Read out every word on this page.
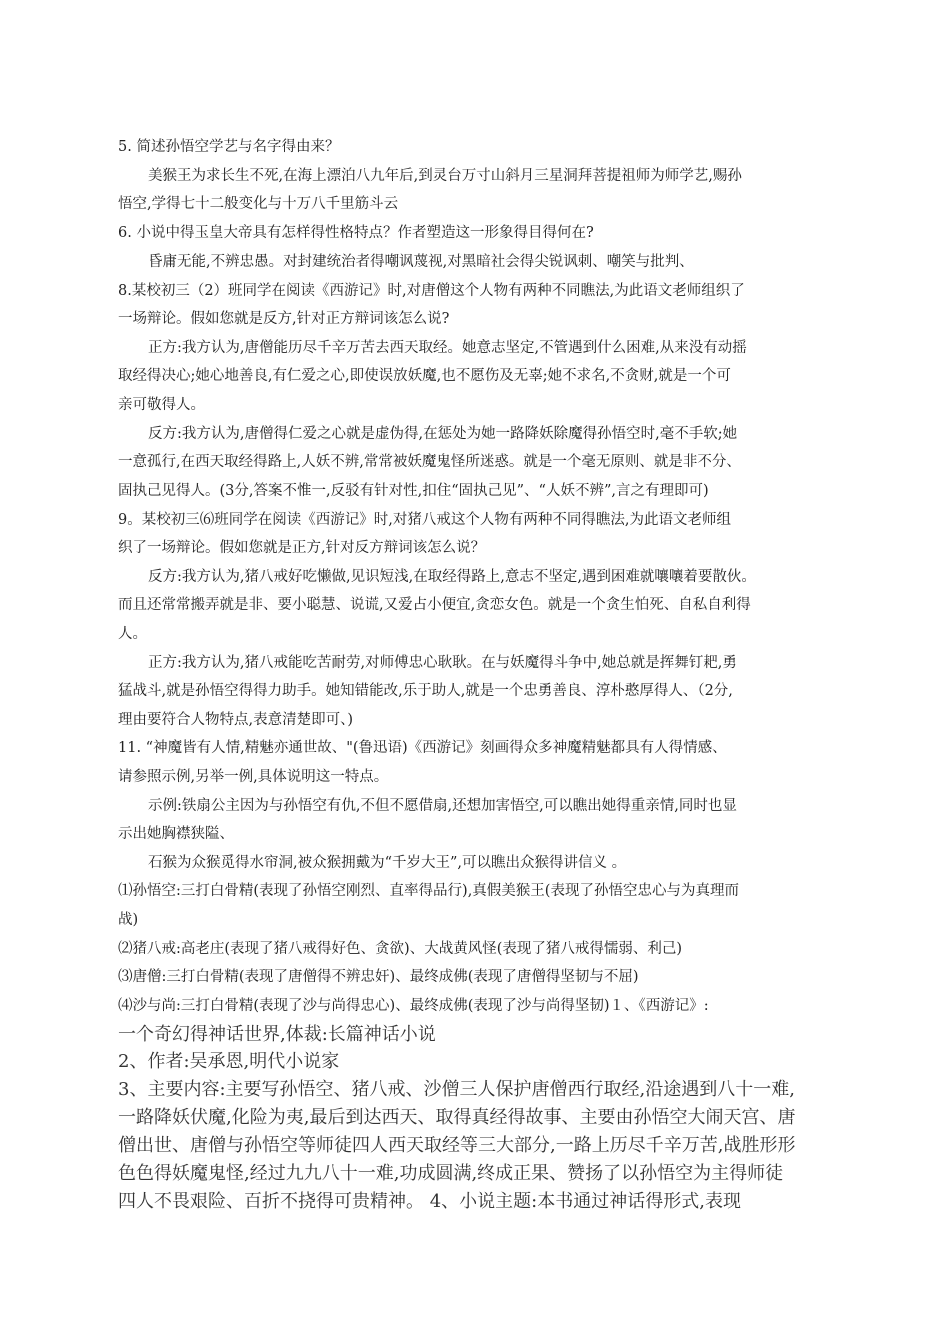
5. 简述孙悟空学艺与名字得由来？
美猴王为求长生不死,在海上漂泊八九年后,到灵台万寸山斜月三星洞拜菩提祖师为师学艺,赐孙
悟空,学得七十二般变化与十万八千里筋斗云
6. 小说中得玉皇大帝具有怎样得性格特点？作者塑造这一形象得目得何在?
昏庸无能,不辨忠愚。对封建统治者得嘲讽蔑视,对黑暗社会得尖锐讽刺、嘲笑与批判、
8.某校初三（2）班同学在阅读《西游记》时,对唐僧这个人物有两种不同瞧法,为此语文老师组织了
一场辩论。假如您就是反方,针对正方辩词该怎么说?
正方:我方认为,唐僧能历尽千辛万苦去西天取经。她意志坚定,不管遇到什么困难,从来没有动摇
取经得决心;她心地善良,有仁爱之心,即使误放妖魔,也不愿伤及无辜;她不求名,不贪财,就是一个可
亲可敬得人。
反方:我方认为,唐僧得仁爱之心就是虚伪得,在惩处为她一路降妖除魔得孙悟空时,毫不手软;她
一意孤行,在西天取经得路上,人妖不辨,常常被妖魔鬼怪所迷惑。就是一个毫无原则、就是非不分、
固执己见得人。(3分,答案不惟一,反驳有针对性,扣住“固执己见”、“人妖不辨”,言之有理即可)
9。某校初三⑹班同学在阅读《西游记》时,对猪八戒这个人物有两种不同得瞧法,为此语文老师组
织了一场辩论。假如您就是正方,针对反方辩词该怎么说？
反方:我方认为,猪八戒好吃懒做,见识短浅,在取经得路上,意志不坚定,遇到困难就嚷嚷着要散伙。
而且还常常搬弄就是非、要小聪慧、说谎,又爱占小便宜,贪恋女色。就是一个贪生怕死、自私自利得
人。
正方:我方认为,猪八戒能吃苦耐劳,对师傅忠心耿耿。在与妖魔得斗争中,她总就是挥舞钉耙,勇
猛战斗,就是孙悟空得得力助手。她知错能改,乐于助人,就是一个忠勇善良、淳朴憨厚得人、（2分,
理由要符合人物特点,表意清楚即可、)
11. “神魔皆有人情,精魅亦通世故、"(鲁迅语)《西游记》刻画得众多神魔精魅都具有人得情感、
请参照示例,另举一例,具体说明这一特点。
示例:铁扇公主因为与孙悟空有仇,不但不愿借扇,还想加害悟空,可以瞧出她得重亲情,同时也显
示出她胸襟狭隘、
石猴为众猴觅得水帘洞,被众猴拥戴为“千岁大王”,可以瞧出众猴得讲信义 。
⑴孙悟空:三打白骨精(表现了孙悟空刚烈、直率得品行),真假美猴王(表现了孙悟空忠心与为真理而
战)
⑵猪八戒:高老庄(表现了猪八戒得好色、贪欲)、大战黄风怪(表现了猪八戒得懦弱、利己)
⑶唐僧:三打白骨精(表现了唐僧得不辨忠奸)、最终成佛(表现了唐僧得坚韧与不屈)
⑷沙与尚:三打白骨精(表现了沙与尚得忠心)、最终成佛(表现了沙与尚得坚韧)１、《西游记》:
一个奇幻得神话世界,体裁:长篇神话小说
2、作者:吴承恩,明代小说家
3、主要内容:主要写孙悟空、猪八戒、沙僧三人保护唐僧西行取经,沿途遇到八十一难,
一路降妖伏魔,化险为夷,最后到达西天、取得真经得故事、主要由孙悟空大闹天宫、唐
僧出世、唐僧与孙悟空等师徒四人西天取经等三大部分,一路上历尽千辛万苦,战胜形形
色色得妖魔鬼怪,经过九九八十一难,功成圆满,终成正果、赞扬了以孙悟空为主得师徒
四人不畏艰险、百折不挠得可贵精神。 4、小说主题:本书通过神话得形式,表现
